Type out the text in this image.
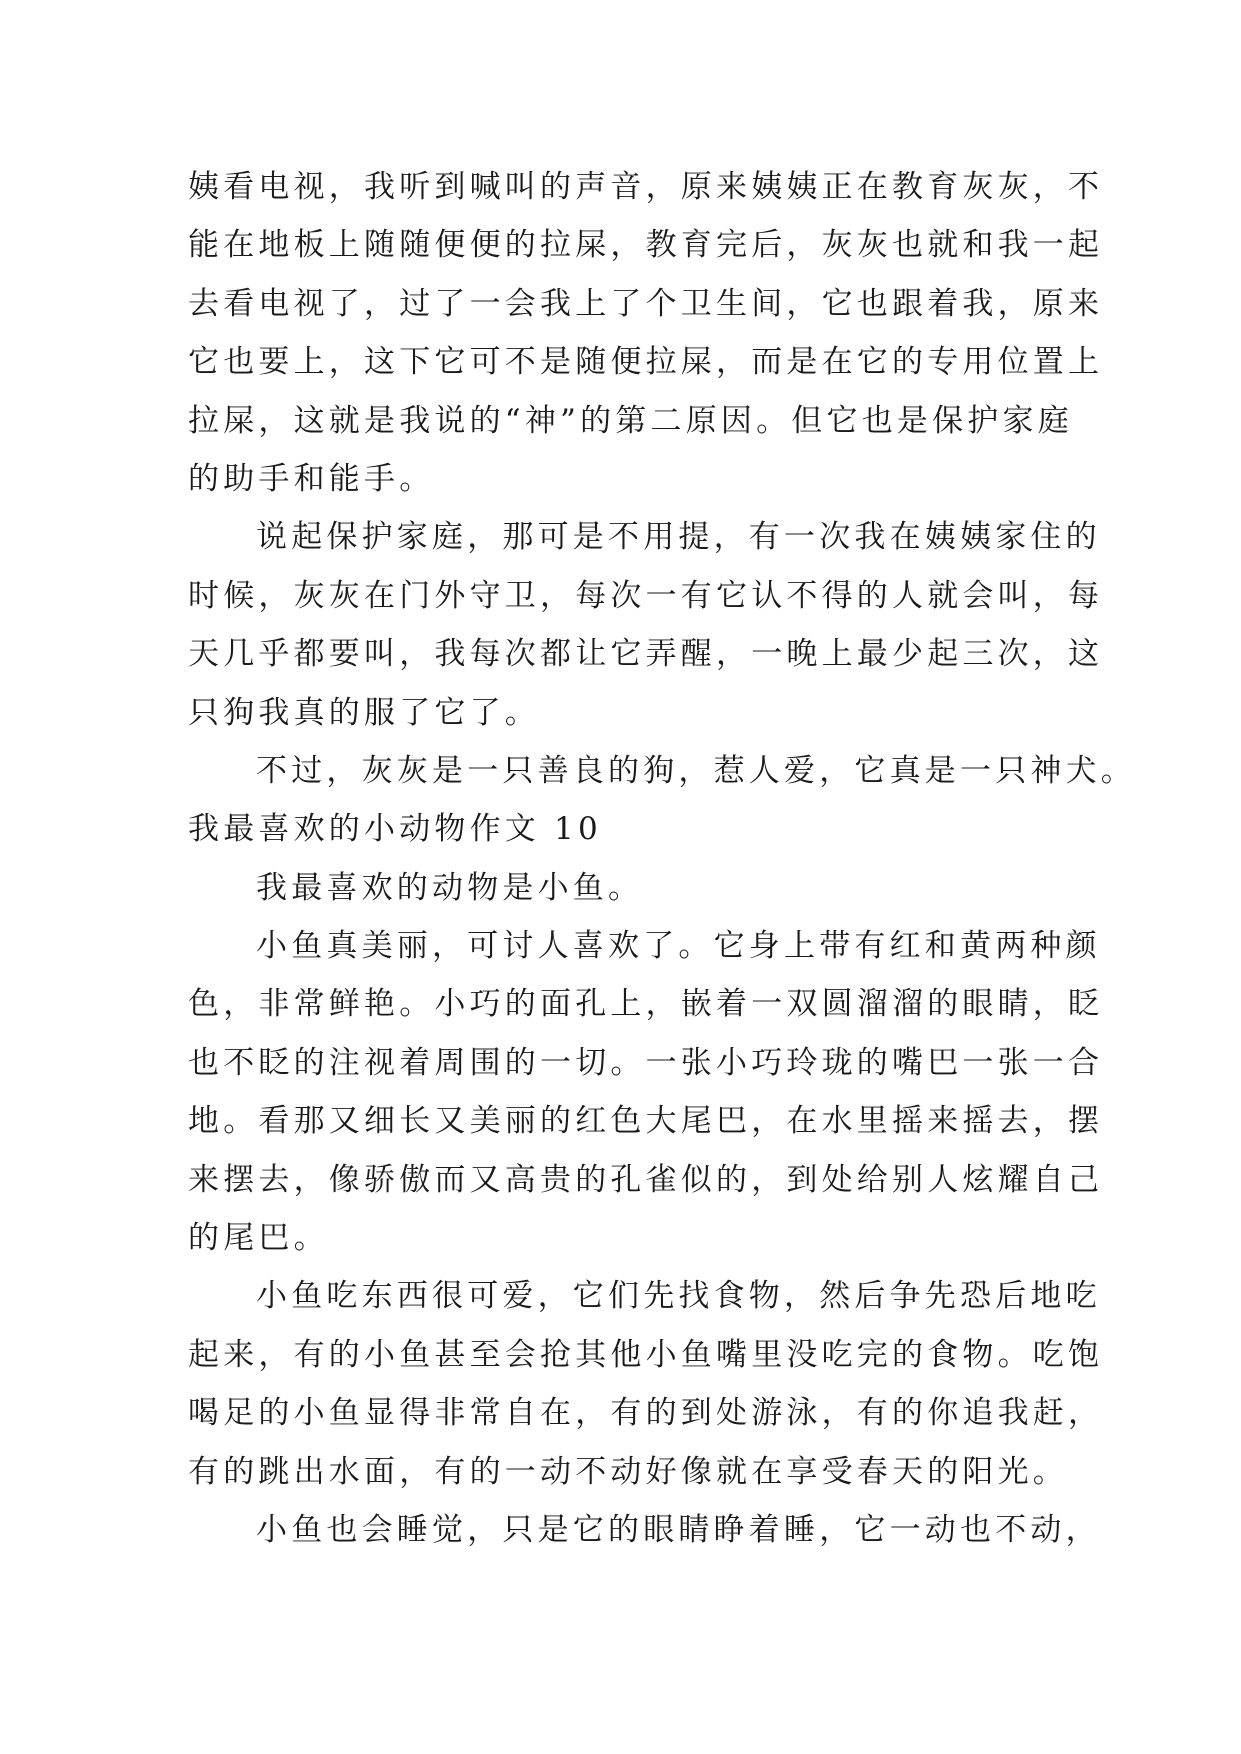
姨看电视，我听到喊叫的声音，原来姨姨正在教育灰灰，不
能在地板上随随便便的拉屎，教育完后，灰灰也就和我一起
去看电视了，过了一会我上了个卫生间，它也跟着我，原来
它也要上，这下它可不是随便拉屎，而是在它的专用位置上
拉屎，这就是我说的“神”的第二原因。但它也是保护家庭
的助手和能手。
说起保护家庭，那可是不用提，有一次我在姨姨家住的
时候，灰灰在门外守卫，每次一有它认不得的人就会叫，每
天几乎都要叫，我每次都让它弄醒，一晚上最少起三次，这
只狗我真的服了它了。
不过，灰灰是一只善良的狗，惹人爱，它真是一只神犬。
我最喜欢的小动物作文 10
我最喜欢的动物是小鱼。
小鱼真美丽，可讨人喜欢了。它身上带有红和黄两种颜
色，非常鲜艳。小巧的面孔上，嵌着一双圆溜溜的眼睛，眨
也不眨的注视着周围的一切。一张小巧玲珑的嘴巴一张一合
地。看那又细长又美丽的红色大尾巴，在水里摇来摇去，摆
来摆去，像骄傲而又高贵的孔雀似的，到处给别人炫耀自己
的尾巴。
小鱼吃东西很可爱，它们先找食物，然后争先恐后地吃
起来，有的小鱼甚至会抢其他小鱼嘴里没吃完的食物。吃饱
喝足的小鱼显得非常自在，有的到处游泳，有的你追我赶，
有的跳出水面，有的一动不动好像就在享受春天的阳光。
小鱼也会睡觉，只是它的眼睛睁着睡，它一动也不动，
